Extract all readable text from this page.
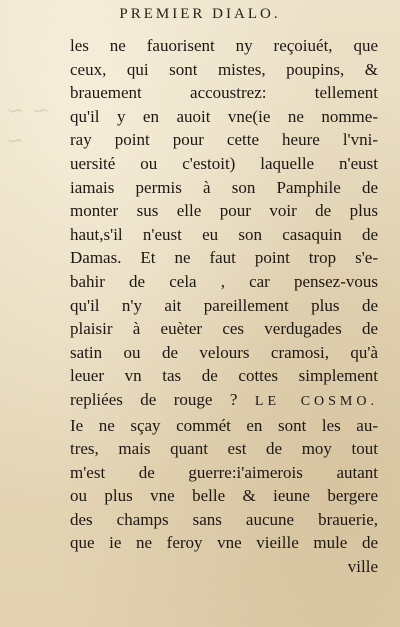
~ ~
~
PREMIER DIALO.
les ne fauorisent ny reçoiuét, que
ceux, qui sont mistes, poupins, &
brauement accoustrez: tellement
qu'il y en auoit vne(ie ne nomme-
ray point pour cette heure l'vni-
uersité ou c'estoit) laquelle n'eust
iamais permis à son Pamphile de
monter sus elle pour voir de plus
haut,s'il n'eust eu son casaquin de
Damas. Et ne faut point trop s'e-
bahir de cela , car pensez-vous
qu'il n'y ait pareillement plus de
plaisir à euèter ces verdugades de
satin ou de velours cramosi, qu'à
leuer vn tas de cottes simplement
repliées de rouge ? LE COSMO.
Ie ne sçay commét en sont les au-
tres, mais quant est de moy tout
m'est de guerre:i'aimerois autant
ou plus vne belle & ieune bergere
des champs sans aucune brauerie,
que ie ne feroy vne vieille mule de
ville
